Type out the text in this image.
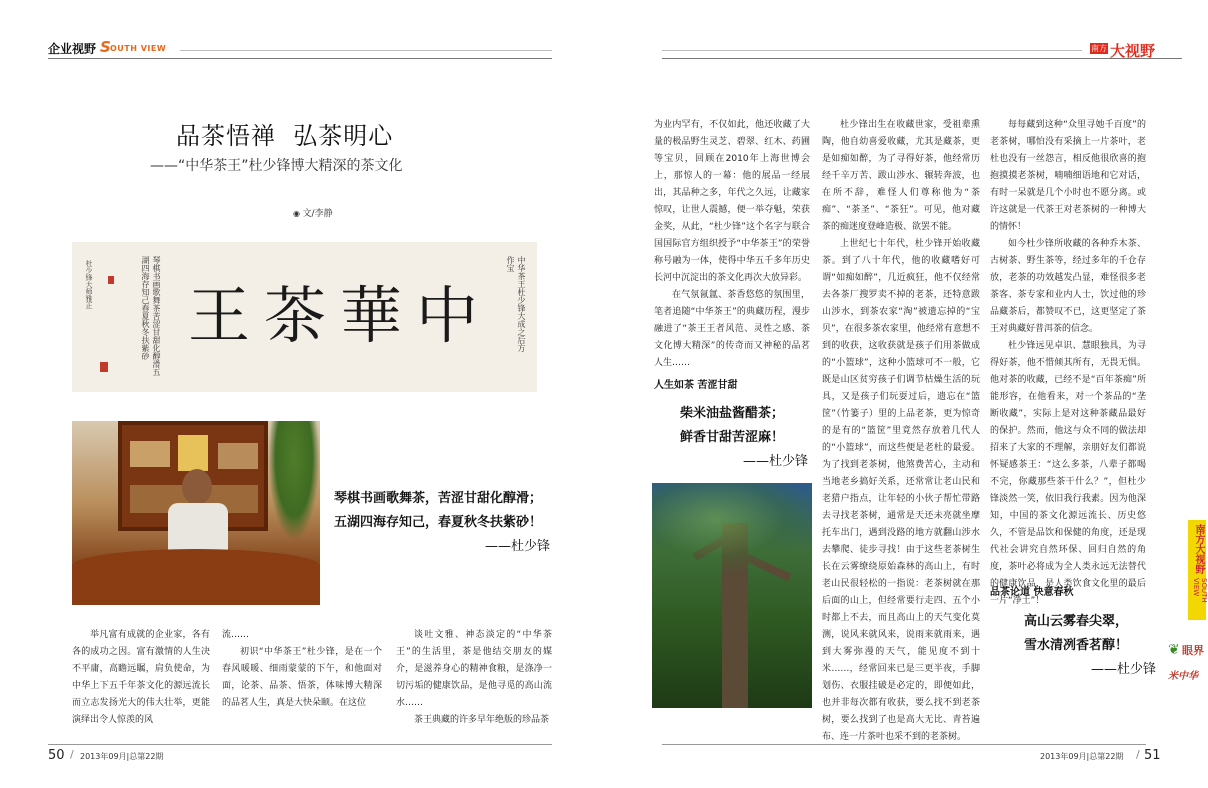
企业视野 S OUTH VIEW	南方 大视野
品茶悟禅  弘茶明心
——“中华茶王”杜少锋博大精深的茶文化
◉ 文/李静
中華茶王
琴棋书画歌舞茶苦涩甘甜化醇滑五湖四海存知己春夏秋冬扶紫砂
杜少锋大师雅正	中华茶王杜少锋大成之后方作宝
琴棋书画歌舞茶，苦涩甘甜化醇滑；
五湖四海存知己，春夏秋冬扶紫砂！
——杜少锋

举凡富有成就的企业家，各有各的成功之因。富有激情的人生决不平庸，高瞻远瞩，肩负使命，为中华上下五千年茶文化的源远流长而立志发扬光大的伟大壮举，更能演绎出令人惊羡的风

流……

初识“中华茶王”杜少锋，是在一个春风暖暖、细雨蒙蒙的下午，和他面对面，论茶、品茶、悟茶，体味博大精深的品茗人生，真是大快朵颐。在这位

谈吐文雅、神态淡定的“中华茶王”的生活里，茶是他结交朋友的媒介，是滋养身心的精神食粮，是涤净一切污垢的健康饮品，是他寻觅的高山流水……

茶王典藏的许多早年绝版的珍品茶

为业内罕有，不仅如此，他还收藏了大量的极品野生灵芝、碧翠、红木、药圃等宝贝，回顾在2010年上海世博会上，那惊人的一幕：他的展品一经展出，其品种之多，年代之久远，让藏家惊叹，让世人震撼，便一举夺魁，荣获金奖，从此，“杜少锋”这个名字与联合国国际官方组织授予“中华茶王”的荣誉称号融为一体，使得中华五千多年历史长河中沉淀出的茶文化再次大放异彩。

在气氛氤氲、茶香悠悠的氛围里，笔者追随“中华茶王”的典藏历程，漫步融进了“茶王王者风范、灵性之感、茶文化博大精深”的传奇而又神秘的品茗人生……

人生如茶 苦涩甘甜
柴米油盐酱醋茶；
鲜香甘甜苦涩麻！
——杜少锋

杜少锋出生在收藏世家，受祖辈熏陶，他自幼喜爱收藏，尤其是藏茶，更是如痴如醉，为了寻得好茶，他经常历经千辛万苦、跋山涉水、辗转奔波，也在所不辞，难怪人们尊称他为“茶痴”、“茶圣”、“茶狂”。可见，他对藏茶的痴迷度登峰造极、欲罢不能。

上世纪七十年代，杜少锋开始收藏茶。到了八十年代，他的收藏嗜好可谓“如痴如醉”，几近疯狂，他不仅经常去各茶厂搜罗卖不掉的老茶，还特意跋山涉水，到茶农家“淘”被遗忘掉的“宝贝”，在很多茶农家里，他经常有意想不到的收获，这收获就是孩子们用茶做成的“小篮球”，这种小篮球可不一般，它既是山区贫穷孩子们调节枯燥生活的玩具，又是孩子们玩耍过后，遗忘在“篮筐”（竹篓子）里的上品老茶，更为惊奇的是有的“篮筐”里竟然存放着几代人的“小篮球”，而这些便是老杜的最爱。为了找到老茶树，他煞费苦心，主动和当地老乡搞好关系，还常常让老山民和老猎户指点，让年轻的小伙子帮忙带路去寻找老茶树，通常是天还未亮就坐摩托车出门，遇到没路的地方就翻山涉水去攀爬、徒步寻找！由于这些老茶树生长在云雾缭绕原始森林的高山上，有时老山民很轻松的一指说：老茶树就在那后面的山上，但经常要行走四、五个小时都上不去，而且高山上的天气变化莫测，说风来就风来，说雨来就雨来，遇到大雾弥漫的天气，能见度不到十米……，经常回来已是三更半夜，手脚划伤、衣服挂破是必定的，即便如此，也并非每次都有收获，要么找不到老茶树，要么找到了也是高大无比、青苔遍布、连一片茶叶也采不到的老茶树。

每每藏到这种“众里寻她千百度”的老茶树，哪怕没有采摘上一片茶叶，老杜也没有一丝怨言，相反他很欣喜的抱抱摸摸老茶树，喃喃细语地和它对话，有时一呆就是几个小时也不愿分离。或许这就是一代茶王对老茶树的一种博大的情怀！

如今杜少锋所收藏的各种乔木茶、古树茶、野生茶等，经过多年的千仓存放，老茶的功效越发凸显，难怪很多老茶客、茶专家和业内人士，饮过他的珍品藏茶后，都赞叹不已，这更坚定了茶王对典藏好普洱茶的信念。

杜少锋远见卓识、慧眼独具，为寻得好茶，他不惜倾其所有，无畏无惧。他对茶的收藏，已经不是“百年茶痴”所能形容，在他看来，对一个茶品的“垄断收藏”，实际上是对这种茶藏品最好的保护。然而，他这与众不同的做法却招来了大家的不理解，亲朋好友们都说怀疑感茶王：“这么多茶，八辈子都喝不完，你藏那些茶干什么？”，但杜少锋淡然一笑，依旧我行我素。因为他深知，中国的茶文化源远流长、历史悠久，不管是品饮和保健的角度，还是现代社会讲究自然环保、回归自然的角度，茶叶必将成为全人类永远无法替代的健康饮品，是人类饮食文化里的最后一片“净土”！

品茶论道 快意春秋
高山云雾春尖翠，
雪水清冽香茗醇！
——杜少锋
南方大视野
SOUTH VIEW
❦ 眼界
米中华
50 / 2013年09月|总第22期	2013年09月|总第22期 / 51
